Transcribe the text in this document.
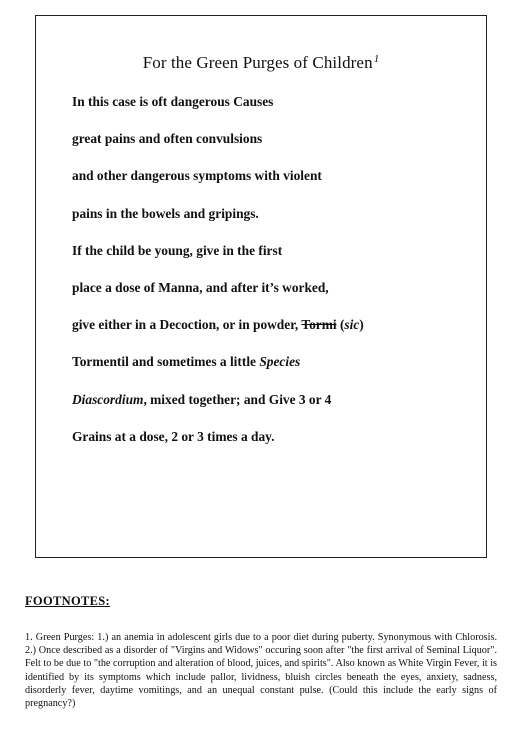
For the Green Purges of Children$^1$
In this case is oft dangerous Causes
great pains and often convulsions
and other dangerous symptoms with violent
pains in the bowels and gripings.
If the child be young, give in the first
place a dose of Manna, and after it’s worked,
give either in a Decoction, or in powder, Tormi (sic)
Tormentil and sometimes a little Species
Diascordium, mixed together; and Give 3 or 4
Grains at a dose, 2 or 3 times a day.
FOOTNOTES:
1. Green Purges: 1.) an anemia in adolescent girls due to a poor diet during puberty. Synonymous with Chlorosis. 2.) Once described as a disorder of "Virgins and Widows" occuring soon after "the first arrival of Seminal Liquor". Felt to be due to "the corruption and alteration of blood, juices, and spirits". Also known as White Virgin Fever, it is identified by its symptoms which include pallor, lividness, bluish circles beneath the eyes, anxiety, sadness, disorderly fever, daytime vomitings, and an unequal constant pulse. (Could this include the early signs of pregnancy?)
